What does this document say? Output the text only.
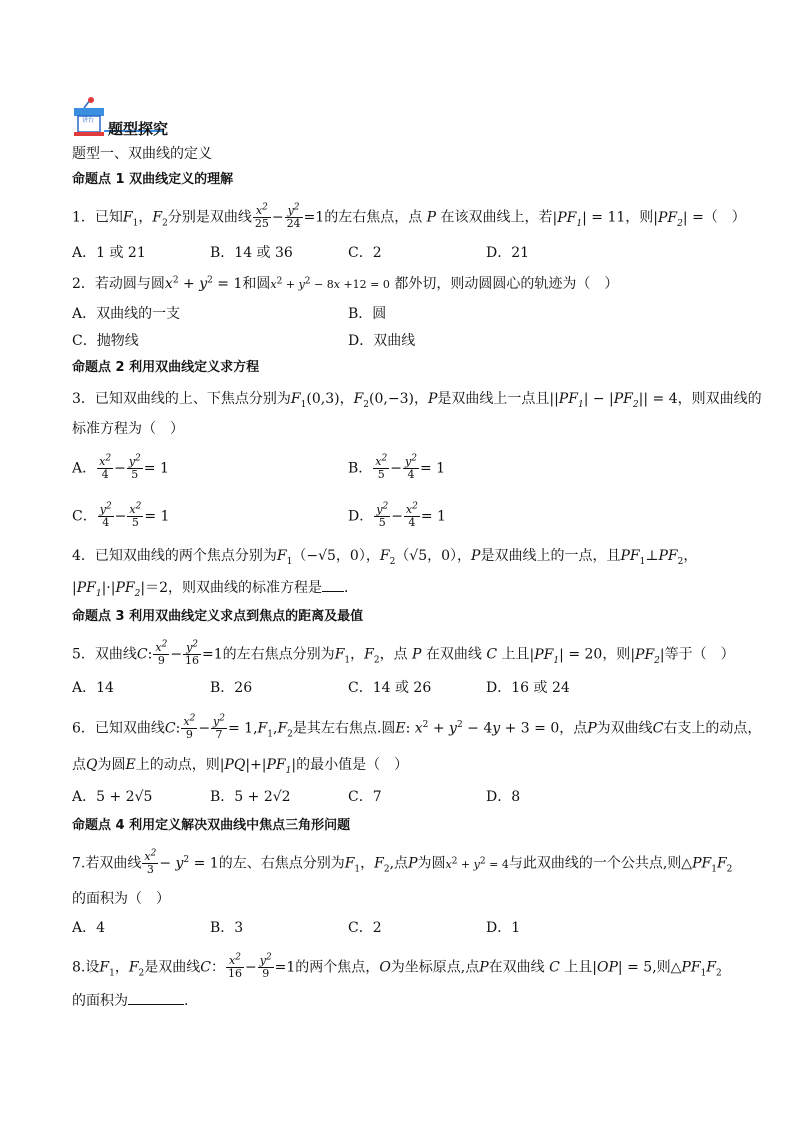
讲台 题型探究
题型一、双曲线的定义
命题点 1 双曲线定义的理解
1．已知$F_1$，$F_2$分别是双曲线 $\frac{x^2}{25} - \frac{y^2}{24} =1$的左右焦点，点 P 在该双曲线上，若$|PF_1| = 11$，则$|PF_2|$ =（　）
A．1 或 21	B．14 或 36	C．2	D．21
2．若动圆与圆$x^2 + y^2 = 1$和圆$x^2 + y^2 - 8x +12 = 0$ 都外切，则动圆圆心的轨迹为（　）
A．双曲线的一支	B．圆
C．抛物线	D．双曲线
命题点 2 利用双曲线定义求方程
3．已知双曲线的上、下焦点分别为$F_1(0,3)$，$F_2(0,-3)$，P是双曲线上一点且$||PF_1| - |PF_2|| = 4$，则双曲线的
标准方程为（　）
A． $\frac{x^2}{4} - \frac{y^2}{5} = 1$	B． $\frac{x^2}{5} - \frac{y^2}{4} = 1$
C． $\frac{y^2}{4} - \frac{x^2}{5} = 1$	D． $\frac{y^2}{5} - \frac{x^2}{4} = 1$
4．已知双曲线的两个焦点分别为$F_1(-√5$，0），$F_2(√5$，0），P是双曲线上的一点，且$PF_1\perp PF_2$，
$|PF_1|\cdot|PF_2|=2$，则双曲线的标准方程是 ．
命题点 3 利用双曲线定义求点到焦点的距离及最值
5．双曲线C: $\frac{x^2}{9} - \frac{y^2}{16} =1$的左右焦点分别为$F_1$，$F_2$，点 P 在双曲线 C 上且$|PF_1| = 20$，则$|PF_2|$等于（　）
A．14	B．26	C．14 或 26	D．16 或 24
6．已知双曲线C: $\frac{x^2}{9} - \frac{y^2}{7} = 1,F_1,F_2$是其左右焦点.圆E: $x^2 + y^2 - 4y + 3 = 0$，点P为双曲线C右支上的动点，
点Q为圆E上的动点，则$|PQ|+|PF_1|$的最小值是（　）
A．5 + 2√5	B．5 + 2√2	C．7	D．8
命题点 4 利用定义解决双曲线中焦点三角形问题
7.若双曲线 $\frac{x^2}{3} - y^2 = 1$的左、右焦点分别为$F_1$，$F_2$,点P为圆$x^2 + y^2 = 4$与此双曲线的一个公共点,则$\triangle PF_1F_2$
的面积为（　）
A．4	B．3	C．2	D．1
8.设$F_1$，$F_2$是双曲线C： $\frac{x^2}{16} - \frac{y^2}{9} =1$的两个焦点，O为坐标原点,点P在双曲线 C 上且|OP| = 5,则$\triangle PF_1F_2$
的面积为	.
